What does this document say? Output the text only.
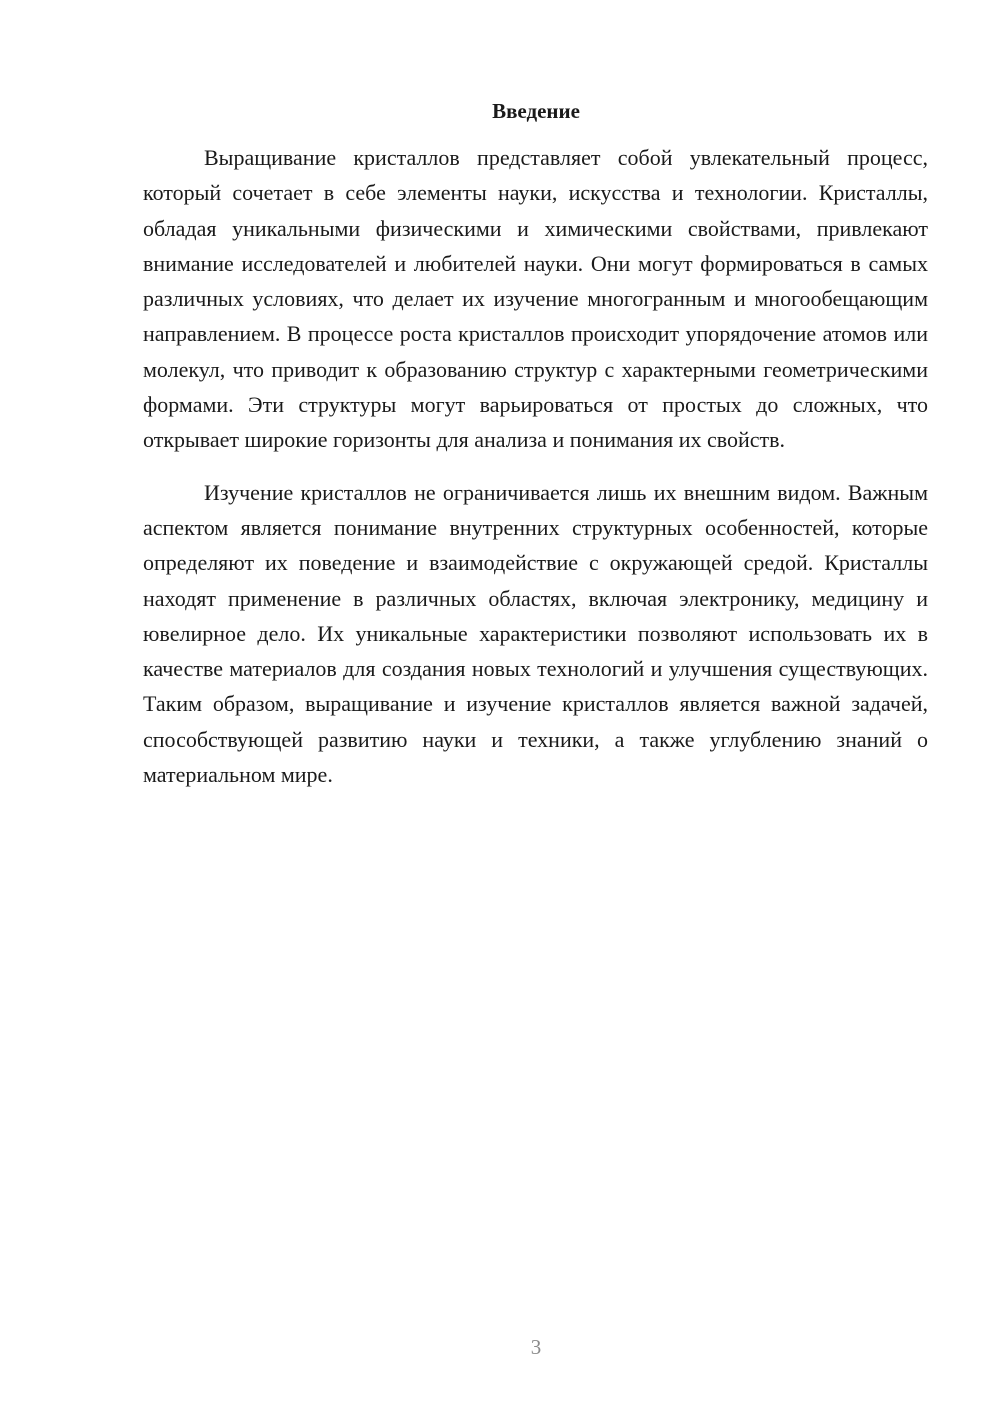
Введение

Выращивание кристаллов представляет собой увлекательный процесс, который сочетает в себе элементы науки, искусства и технологии. Кристаллы, обладая уникальными физическими и химическими свойствами, привлекают внимание исследователей и любителей науки. Они могут формироваться в самых различных условиях, что делает их изучение многогранным и многообещающим направлением. В процессе роста кристаллов происходит упорядочение атомов или молекул, что приводит к образованию структур с характерными геометрическими формами. Эти структуры могут варьироваться от простых до сложных, что открывает широкие горизонты для анализа и понимания их свойств.

Изучение кристаллов не ограничивается лишь их внешним видом. Важным аспектом является понимание внутренних структурных особенностей, которые определяют их поведение и взаимодействие с окружающей средой. Кристаллы находят применение в различных областях, включая электронику, медицину и ювелирное дело. Их уникальные характеристики позволяют использовать их в качестве материалов для создания новых технологий и улучшения существующих. Таким образом, выращивание и изучение кристаллов является важной задачей, способствующей развитию науки и техники, а также углублению знаний о материальном мире.

3
